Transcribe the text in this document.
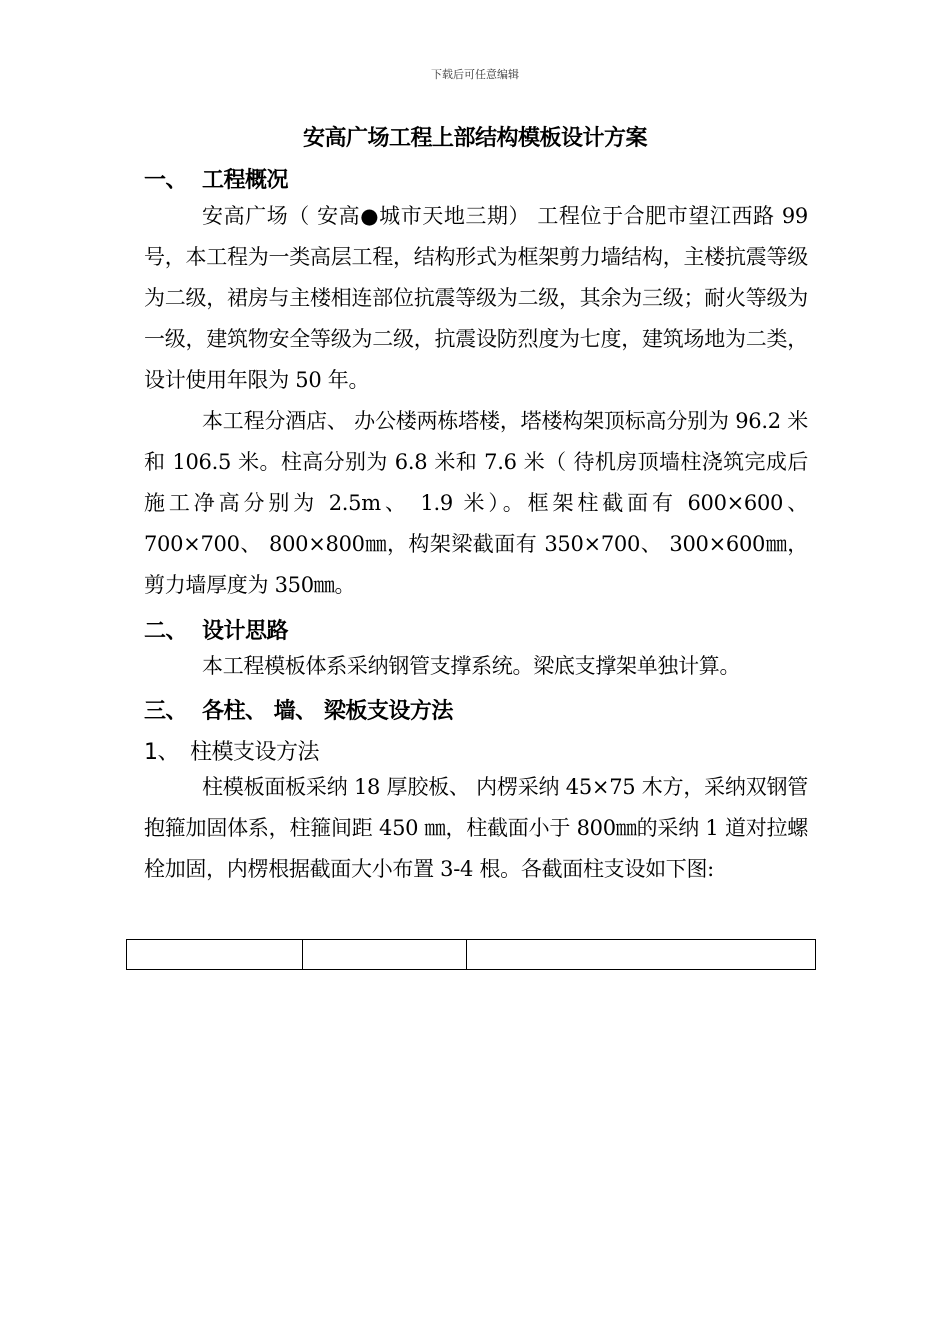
下载后可任意编辑
安高广场工程上部结构模板设计方案
一、 工程概况

安高广场（ 安高●城市天地三期） 工程位于合肥市望江西路 99 号，本工程为一类高层工程，结构形式为框架剪力墙结构，主楼抗震等级为二级，裙房与主楼相连部位抗震等级为二级，其余为三级；耐火等级为一级，建筑物安全等级为二级，抗震设防烈度为七度，建筑场地为二类，设计使用年限为 50 年。

本工程分酒店、 办公楼两栋塔楼，塔楼构架顶标高分别为 96.2 米和 106.5 米。柱高分别为 6.8 米和 7.6 米（ 待机房顶墙柱浇筑完成后施工净高分别为 2.5m、 1.9 米）。框架柱截面有 600×600、 700×700、 800×800㎜，构架梁截面有 350×700、 300×600㎜，剪力墙厚度为 350㎜。

二、 设计思路

本工程模板体系采纳钢管支撑系统。梁底支撑架单独计算。

三、 各柱、 墙、 梁板支设方法
1、 柱模支设方法

柱模板面板采纳 18 厚胶板、 内楞采纳 45×75 木方，采纳双钢管抱箍加固体系，柱箍间距 450 ㎜，柱截面小于 800㎜的采纳 1 道对拉螺栓加固，内楞根据截面大小布置 3-4 根。各截面柱支设如下图:
